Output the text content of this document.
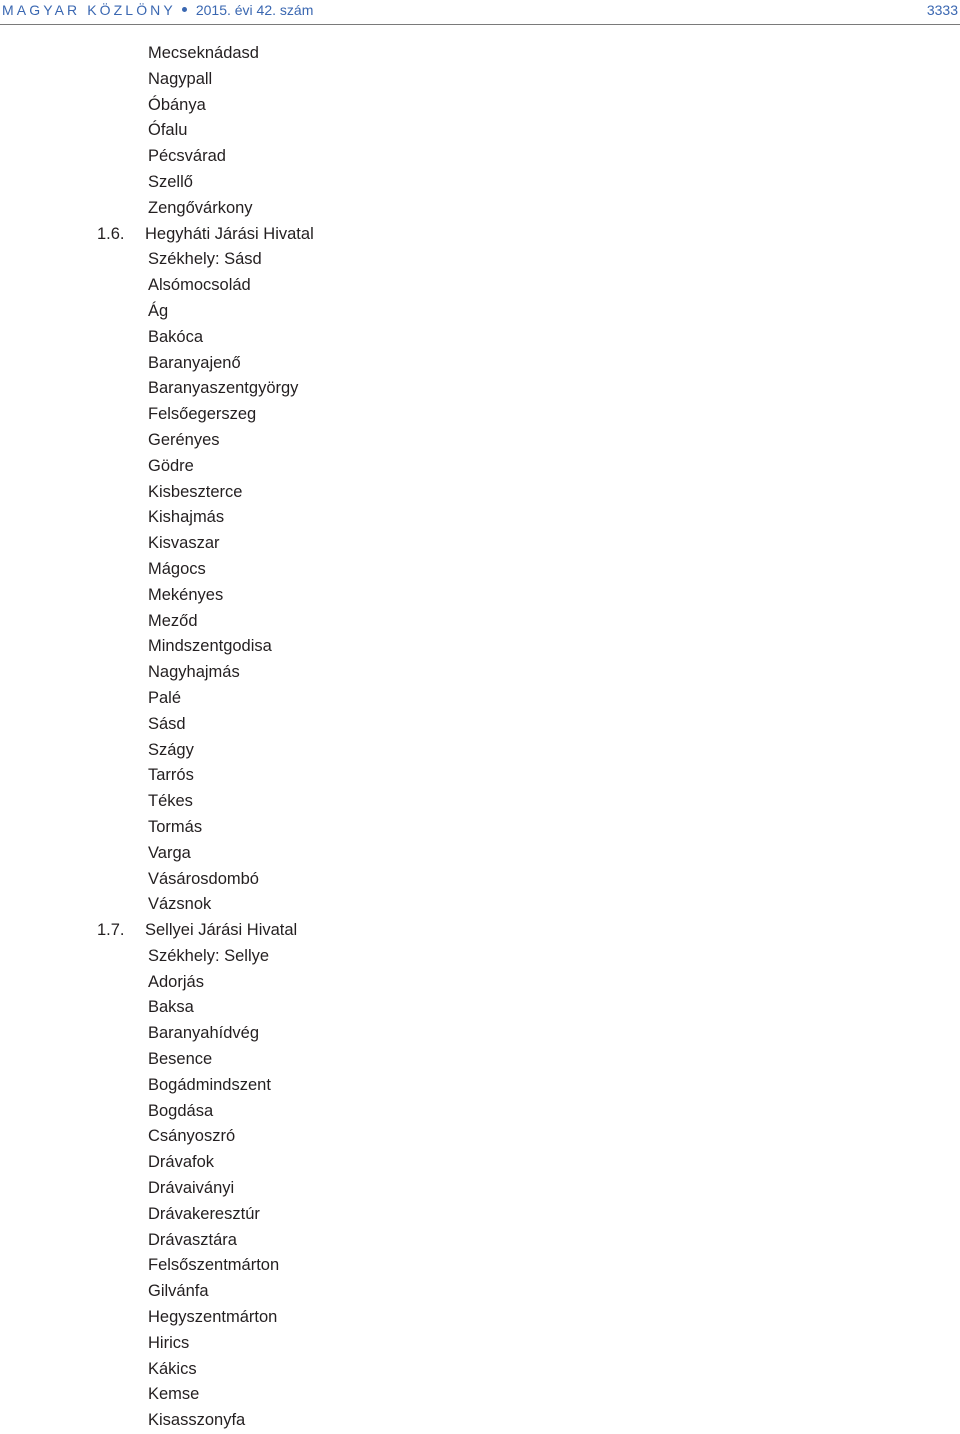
MAGYAR KÖZLÖNY 2015. évi 42. szám	3333
Mecseknádasd
Nagypall
Óbánya
Ófalu
Pécsvárad
Szellő
Zengővárkony
1.6. Hegyháti Járási Hivatal
Székhely: Sásd
Alsómocsolád
Ág
Bakóca
Baranyajenő
Baranyaszentgyörgy
Felsőegerszeg
Gerényes
Gödre
Kisbeszterce
Kishajmás
Kisvaszar
Mágocs
Mekényes
Meződ
Mindszentgodisa
Nagyhajmás
Palé
Sásd
Szágy
Tarrós
Tékes
Tormás
Varga
Vásárosdombó
Vázsnok
1.7. Sellyei Járási Hivatal
Székhely: Sellye
Adorjás
Baksa
Baranyahídvég
Besence
Bogádmindszent
Bogdása
Csányoszró
Drávafok
Drávaiványi
Drávakeresztúr
Drávasztára
Felsőszentmárton
Gilvánfa
Hegyszentmárton
Hirics
Kákics
Kemse
Kisasszonyfa
